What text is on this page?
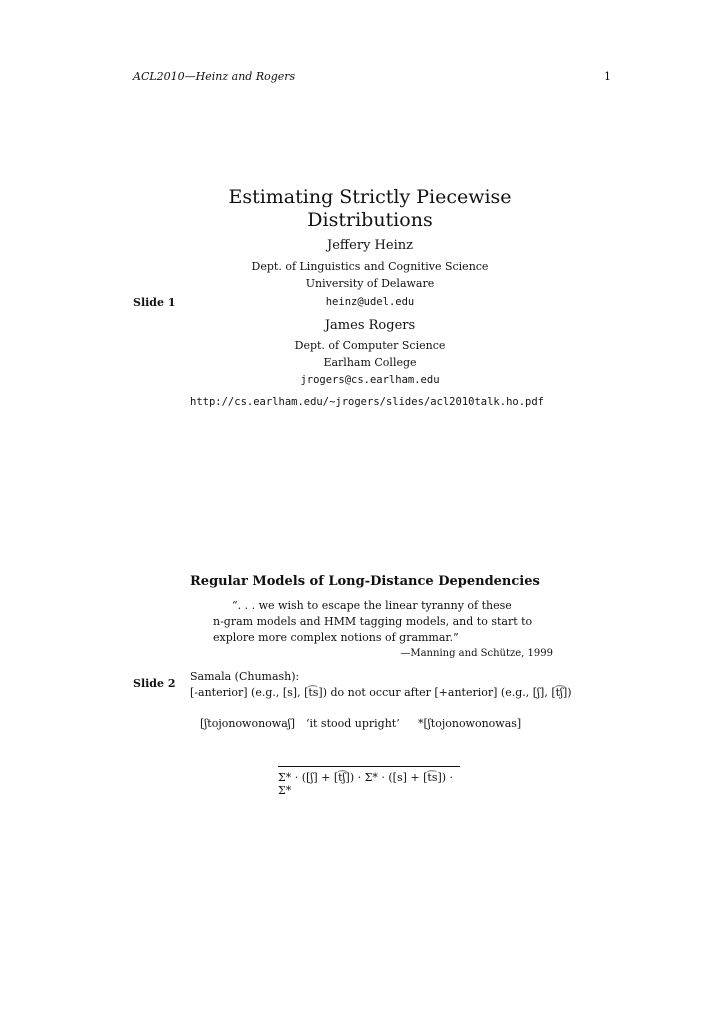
ACL2010—Heinz and Rogers	1
Estimating Strictly Piecewise
Distributions
Jeffery Heinz
Dept. of Linguistics and Cognitive Science
University of Delaware
heinz@udel.edu
Slide 1
James Rogers
Dept. of Computer Science
Earlham College
jrogers@cs.earlham.edu
http://cs.earlham.edu/~jrogers/slides/acl2010talk.ho.pdf
Regular Models of Long-Distance Dependencies
“. . . we wish to escape the linear tyranny of these
n-gram models and HMM tagging models, and to start to
explore more complex notions of grammar.”
—Manning and Schütze, 1999
Slide 2
Samala (Chumash):
[-anterior] (e.g., [s], [t͡s]) do not occur after [+anterior] (e.g., [ʃ], [t͡ʃ])
[ʃtojonowonowaʃ] ‘it stood upright’ *[ʃtojonowonowas]
Σ* · ([ʃ] + [t͡ʃ]) · Σ* · ([s] + [t͡s]) · Σ*
